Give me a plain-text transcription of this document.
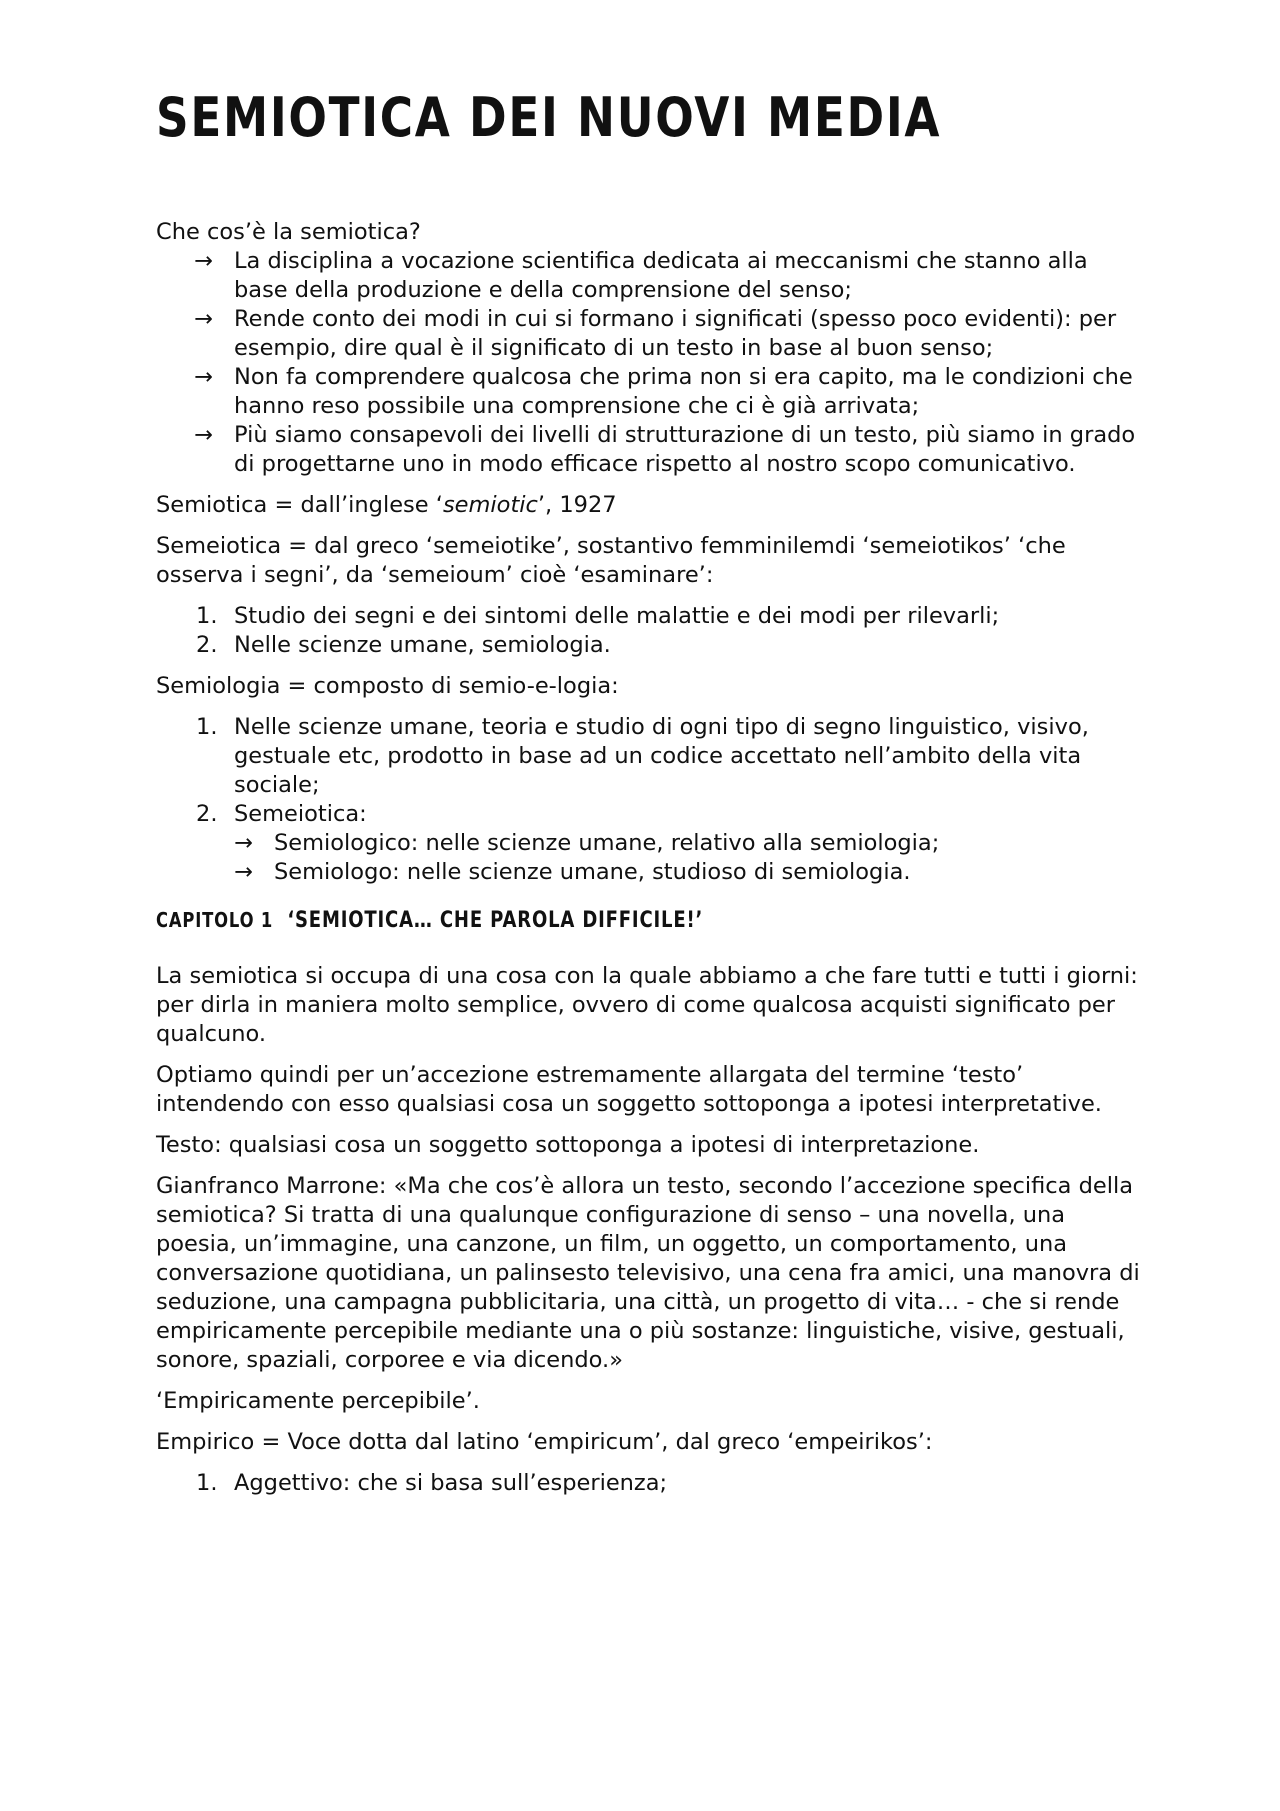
SEMIOTICA DEI NUOVI MEDIA

Che cos’è la semiotica?

→ La disciplina a vocazione scientifica dedicata ai meccanismi che stanno alla base della produzione e della comprensione del senso;
→ Rende conto dei modi in cui si formano i significati (spesso poco evidenti): per esempio, dire qual è il significato di un testo in base al buon senso;
→ Non fa comprendere qualcosa che prima non si era capito, ma le condizioni che hanno reso possibile una comprensione che ci è già arrivata;
→ Più siamo consapevoli dei livelli di strutturazione di un testo, più siamo in grado di progettarne uno in modo efficace rispetto al nostro scopo comunicativo.

Semiotica = dall’inglese ‘semiotic’, 1927

Semeiotica = dal greco ‘semeiotike’, sostantivo femminilemdi ‘semeiotikos’ ‘che osserva i segni’, da ‘semeioum’ cioè ‘esaminare’:

1. Studio dei segni e dei sintomi delle malattie e dei modi per rilevarli;
2. Nelle scienze umane, semiologia.

Semiologia = composto di semio-e-logia:

1. Nelle scienze umane, teoria e studio di ogni tipo di segno linguistico, visivo, gestuale etc, prodotto in base ad un codice accettato nell’ambito della vita sociale;
2. Semeiotica:
→ Semiologico: nelle scienze umane, relativo alla semiologia;
→ Semiologo: nelle scienze umane, studioso di semiologia.
CAPITOLO 1 ‘SEMIOTICA… CHE PAROLA DIFFICILE!’

La semiotica si occupa di una cosa con la quale abbiamo a che fare tutti e tutti i giorni: per dirla in maniera molto semplice, ovvero di come qualcosa acquisti significato per qualcuno.

Optiamo quindi per un’accezione estremamente allargata del termine ‘testo’ intendendo con esso qualsiasi cosa un soggetto sottoponga a ipotesi interpretative.

Testo: qualsiasi cosa un soggetto sottoponga a ipotesi di interpretazione.

Gianfranco Marrone: «Ma che cos’è allora un testo, secondo l’accezione specifica della semiotica? Si tratta di una qualunque configurazione di senso – una novella, una poesia, un’immagine, una canzone, un film, un oggetto, un comportamento, una conversazione quotidiana, un palinsesto televisivo, una cena fra amici, una manovra di seduzione, una campagna pubblicitaria, una città, un progetto di vita… - che si rende empiricamente percepibile mediante una o più sostanze: linguistiche, visive, gestuali, sonore, spaziali, corporee e via dicendo.»

‘Empiricamente percepibile’.

Empirico = Voce dotta dal latino ‘empiricum’, dal greco ‘empeirikos’:

1. Aggettivo: che si basa sull’esperienza;
